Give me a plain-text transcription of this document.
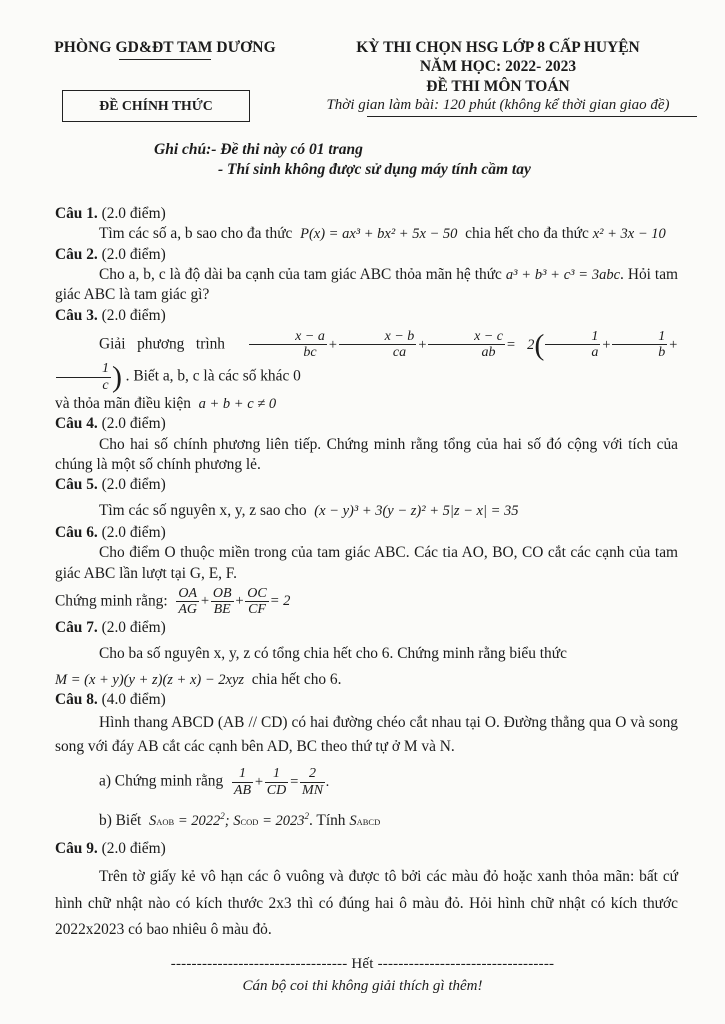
PHÒNG GD&ĐT TAM DƯƠNG
ĐỀ CHÍNH THỨC
KỲ THI CHỌN HSG LỚP 8 CẤP HUYỆN
NĂM HỌC: 2022- 2023
ĐỀ THI MÔN TOÁN
Thời gian làm bài: 120 phút (không kể thời gian giao đề)
Ghi chú:- Đề thi này có 01 trang
- Thí sinh không được sử dụng máy tính cầm tay

Câu 1. (2.0 điểm)

Tìm các số a, b sao cho đa thức P(x) = ax³ + bx² + 5x − 50 chia hết cho đa thức x² + 3x − 10

Câu 2. (2.0 điểm)

Cho a, b, c là độ dài ba cạnh của tam giác ABC thỏa mãn hệ thức a³ + b³ + c³ = 3abc. Hỏi tam giác ABC là tam giác gì?

Câu 3. (2.0 điểm)

Giải phương trình $\frac{x - a}{bc} + \frac{x - b}{ca} + \frac{x - c}{ab} = 2( \frac{1}{a} + \frac{1}{b}$ +
$\frac{1}{c}$ ) . Biết a, b, c là các số khác 0

và thỏa mãn điều kiện a + b + c ≠ 0

Câu 4. (2.0 điểm)

Cho hai số chính phương liên tiếp. Chứng minh rằng tổng của hai số đó cộng với tích của chúng là một số chính phương lẻ.

Câu 5. (2.0 điểm)

Tìm các số nguyên x, y, z sao cho (x − y)³ + 3(y − z)² + 5|z − x| = 35

Câu 6. (2.0 điểm)

Cho điểm O thuộc miền trong của tam giác ABC. Các tia AO, BO, CO cắt các cạnh của tam giác ABC lần lượt tại G, E, F.

Chứng minh rằng: $\frac{OA}{AG} + \frac{OB}{BE} + \frac{OC}{CF} = 2$

Câu 7. (2.0 điểm)

Cho ba số nguyên x, y, z có tổng chia hết cho 6. Chứng minh rằng biểu thức

M = (x + y)(y + z)(z + x) − 2xyz chia hết cho 6.

Câu 8. (4.0 điểm)

Hình thang ABCD (AB // CD) có hai đường chéo cắt nhau tại O. Đường thẳng qua O và song song với đáy AB cắt các cạnh bên AD, BC theo thứ tự ở M và N.

a) Chứng minh rằng $\frac{1}{AB} + \frac{1}{CD} = \frac{2}{MN}$ .

b) Biết SAOB = $2022^2$; SCOD = $2023^2$. Tính SABCD

Câu 9. (2.0 điểm)

Trên tờ giấy kẻ vô hạn các ô vuông và được tô bởi các màu đỏ hoặc xanh thỏa mãn: bất cứ hình chữ nhật nào có kích thước 2x3 thì có đúng hai ô màu đỏ. Hỏi hình chữ nhật có kích thước 2022x2023 có bao nhiêu ô màu đỏ.

---------------------------------- Hết ----------------------------------
Cán bộ coi thi không giải thích gì thêm!
